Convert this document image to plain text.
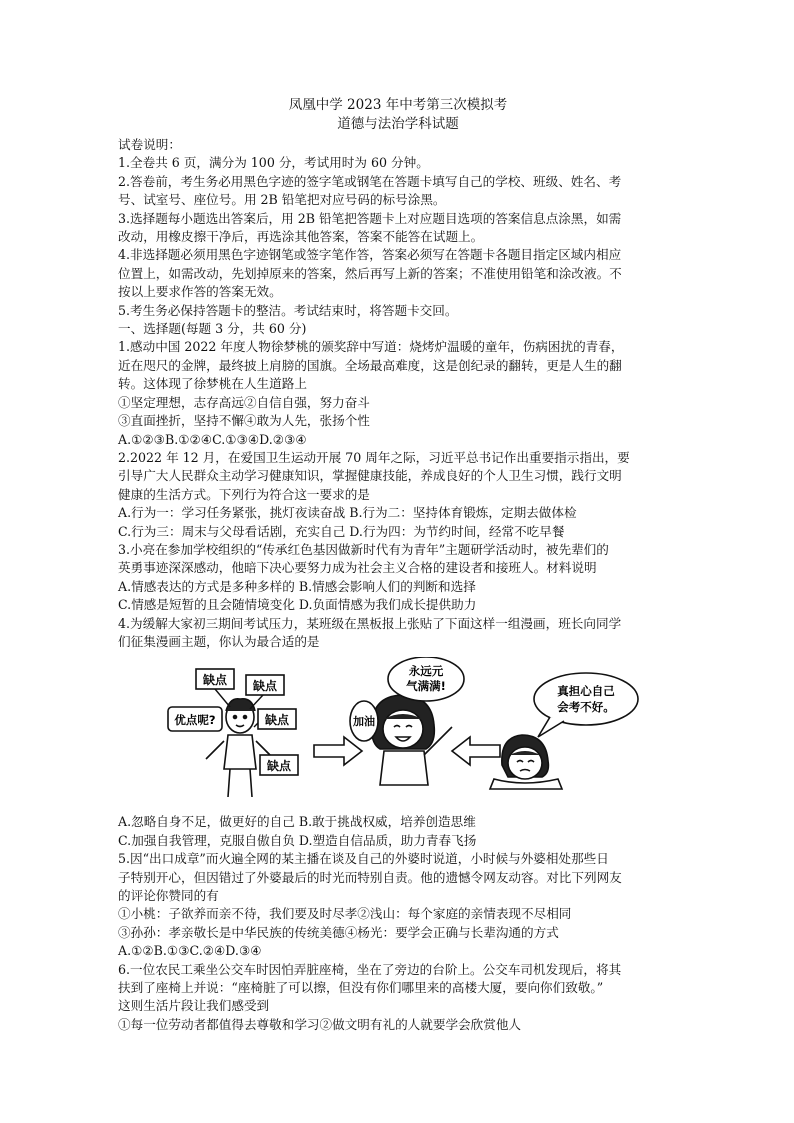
凤凰中学 2023 年中考第三次模拟考
道德与法治学科试题
试卷说明：
1.全卷共 6 页，满分为 100 分，考试用时为 60 分钟。
2.答卷前，考生务必用黑色字迹的签字笔或钢笔在答题卡填写自己的学校、班级、姓名、考
号、试室号、座位号。用 2B 铅笔把对应号码的标号涂黑。
3.选择题每小题选出答案后，用 2B 铅笔把答题卡上对应题目选项的答案信息点涂黑，如需
改动，用橡皮擦干净后，再选涂其他答案，答案不能答在试题上。
4.非选择题必须用黑色字迹钢笔或签字笔作答，答案必须写在答题卡各题目指定区域内相应
位置上，如需改动，先划掉原来的答案，然后再写上新的答案；不准使用铅笔和涂改液。不
按以上要求作答的答案无效。
5.考生务必保持答题卡的整洁。考试结束时，将答题卡交回。
一、选择题(每题 3 分，共 60 分)
1.感动中国 2022 年度人物徐梦桃的颁奖辞中写道：烧烤炉温暖的童年，伤病困扰的青春，
近在咫尺的金牌，最终披上肩膀的国旗。全场最高难度，这是创纪录的翻转，更是人生的翻
转。这体现了徐梦桃在人生道路上
①坚定理想，志存高远②自信自强，努力奋斗
③直面挫折，坚持不懈④敢为人先，张扬个性
A.①②③B.①②④C.①③④D.②③④
2.2022 年 12 月，在爱国卫生运动开展 70 周年之际，习近平总书记作出重要指示指出，要
引导广大人民群众主动学习健康知识，掌握健康技能，养成良好的个人卫生习惯，践行文明
健康的生活方式。下列行为符合这一要求的是
A.行为一：学习任务紧张，挑灯夜读奋战 B.行为二：坚持体育锻炼，定期去做体检
C.行为三：周末与父母看话剧，充实自己 D.行为四：为节约时间，经常不吃早餐
3.小亮在参加学校组织的“传承红色基因做新时代有为青年”主题研学活动时，被先辈们的
英勇事迹深深感动，他暗下决心要努力成为社会主义合格的建设者和接班人。材料说明
A.情感表达的方式是多种多样的 B.情感会影响人们的判断和选择
C.情感是短暂的且会随情境变化 D.负面情感为我们成长提供助力
4.为缓解大家初三期间考试压力，某班级在黑板报上张贴了下面这样一组漫画，班长向同学
们征集漫画主题，你认为最合适的是
缺点 缺点
缺点
缺点
优点呢?	加油
永远元
气满满!	真担心自己
会考不好。
A.忽略自身不足，做更好的自己 B.敢于挑战权威，培养创造思维
C.加强自我管理，克服自傲自负 D.塑造自信品质，助力青春飞扬
5.因“出口成章”而火遍全网的某主播在谈及自己的外婆时说道，小时候与外婆相处那些日
子特别开心，但因错过了外婆最后的时光而特别自责。他的遗憾令网友动容。对比下列网友
的评论你赞同的有
①小桃：子欲养而亲不待，我们要及时尽孝②浅山：每个家庭的亲情表现不尽相同
③孙孙：孝亲敬长是中华民族的传统美德④杨光：要学会正确与长辈沟通的方式
A.①②B.①③C.②④D.③④
6.一位农民工乘坐公交车时因怕弄脏座椅，坐在了旁边的台阶上。公交车司机发现后，将其
扶到了座椅上并说：“座椅脏了可以擦，但没有你们哪里来的高楼大厦，要向你们致敬。”
这则生活片段让我们感受到
①每一位劳动者都值得去尊敬和学习②做文明有礼的人就要学会欣赏他人
